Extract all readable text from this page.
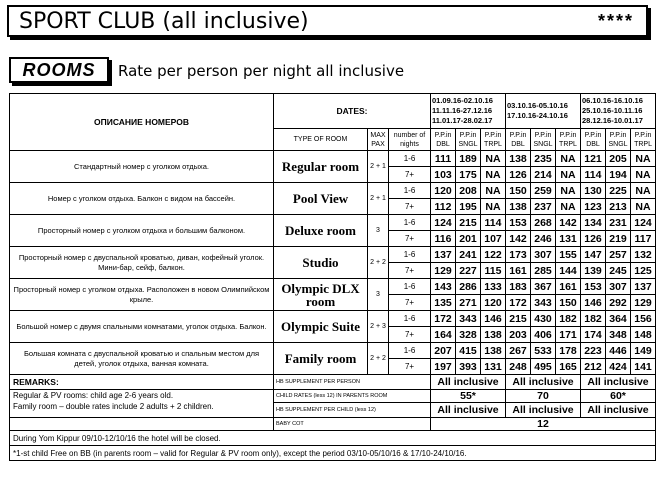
SPORT CLUB (all inclusive)	****
ROOMS	Rate per person per night all inclusive
ОПИСАНИЕ НОМЕРОВ	DATES:			01.09.16-02.10.16 11.11.16-27.12.16 11.01.17-28.02.17			03.10.16-05.10.16 17.10.16-24.10.16			06.10.16-16.10.16 25.10.16-10.11.16 28.12.16-10.01.17		
	TYPE OF ROOM	MAX PAX	number of nights	P.P.in DBL	P.P.in SNGL	P.P.in TRPL	P.P.in DBL	P.P.in SNGL	P.P.in TRPL	P.P.in DBL	P.P.in SNGL	P.P.in TRPL

Стандартный номер с уголком отдыха.	Regular room	2 + 1	1-6	111	189	NA	138	235	NA	121	205	NA
			7+	103	175	NA	126	214	NA	114	194	NA
Номер с уголком отдыха. Балкон с видом на бассейн.	Pool View	2 + 1	1-6	120	208	NA	150	259	NA	130	225	NA
			7+	112	195	NA	138	237	NA	123	213	NA
Просторный номер с уголком отдыха и большим балконом.	Deluxe room	3	1-6	124	215	114	153	268	142	134	231	124
			7+	116	201	107	142	246	131	126	219	117
Просторный номер с двуспальной кроватью, диван, кофейный уголок. Мини-бар, сейф, балкон.	Studio	2 + 2	1-6	137	241	122	173	307	155	147	257	132
			7+	129	227	115	161	285	144	139	245	125
Просторный номер с уголком отдыха. Расположен в новом Олимпийском крыле.	Olympic DLX room	3	1-6	143	286	133	183	367	161	153	307	137
			7+	135	271	120	172	343	150	146	292	129
Большой номер с двумя спальными комнатами, уголок отдыха. Балкон.	Olympic Suite	2 + 3	1-6	172	343	146	215	430	182	182	364	156
			7+	164	328	138	203	406	171	174	348	148
Большая комната с двуспальной кроватью и спальным местом для детей, уголок отдыха, ванная комната.	Family room	2 + 2	1-6	207	415	138	267	533	178	223	446	149
			7+	197	393	131	248	495	165	212	424	141
REMARKS:	HB SUPPLEMENT PER PERSON			All inclusive			All inclusive			All inclusive		

Regular & PV rooms: child age 2-6 years old.
Family room – double rates include 2 adults + 2 children.	CHILD RATES (less 12) IN PARENTS ROOM			55*			70			60*		
	HB SUPPLEMENT PER CHILD (less 12)			All inclusive			All inclusive			All inclusive		
	BABY COT			12								
During Yom Kippur 09/10-12/10/16 the hotel will be closed.												
*1-st child Free on BB (in parents room – valid for Regular & PV room only), except the period 03/10-05/10/16 & 17/10-24/10/16.												
